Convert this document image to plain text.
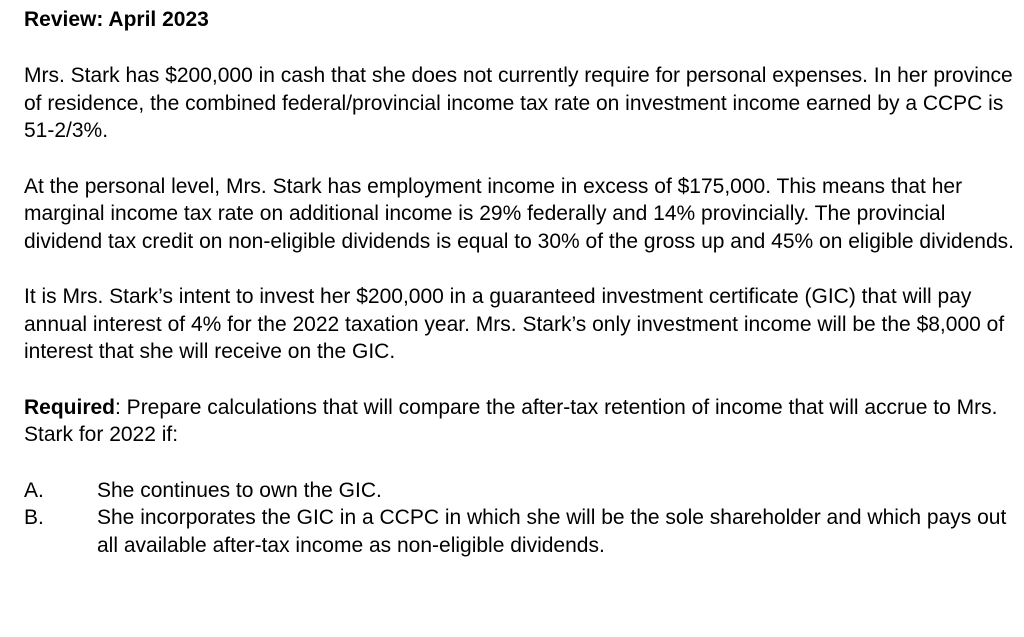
Review: April 2023

Mrs. Stark has $200,000 in cash that she does not currently require for personal expenses. In her province of residence, the combined federal/provincial income tax rate on investment income earned by a CCPC is 51-2/3%.

At the personal level, Mrs. Stark has employment income in excess of $175,000. This means that her marginal income tax rate on additional income is 29% federally and 14% provincially. The provincial dividend tax credit on non-eligible dividends is equal to 30% of the gross up and 45% on eligible dividends.

It is Mrs. Stark’s intent to invest her $200,000 in a guaranteed investment certificate (GIC) that will pay annual interest of 4% for the 2022 taxation year. Mrs. Stark’s only investment income will be the $8,000 of interest that she will receive on the GIC.

Required: Prepare calculations that will compare the after-tax retention of income that will accrue to Mrs. Stark for 2022 if:

A.	She continues to own the GIC.
B.	She incorporates the GIC in a CCPC in which she will be the sole shareholder and which pays out all available after-tax income as non-eligible dividends.
